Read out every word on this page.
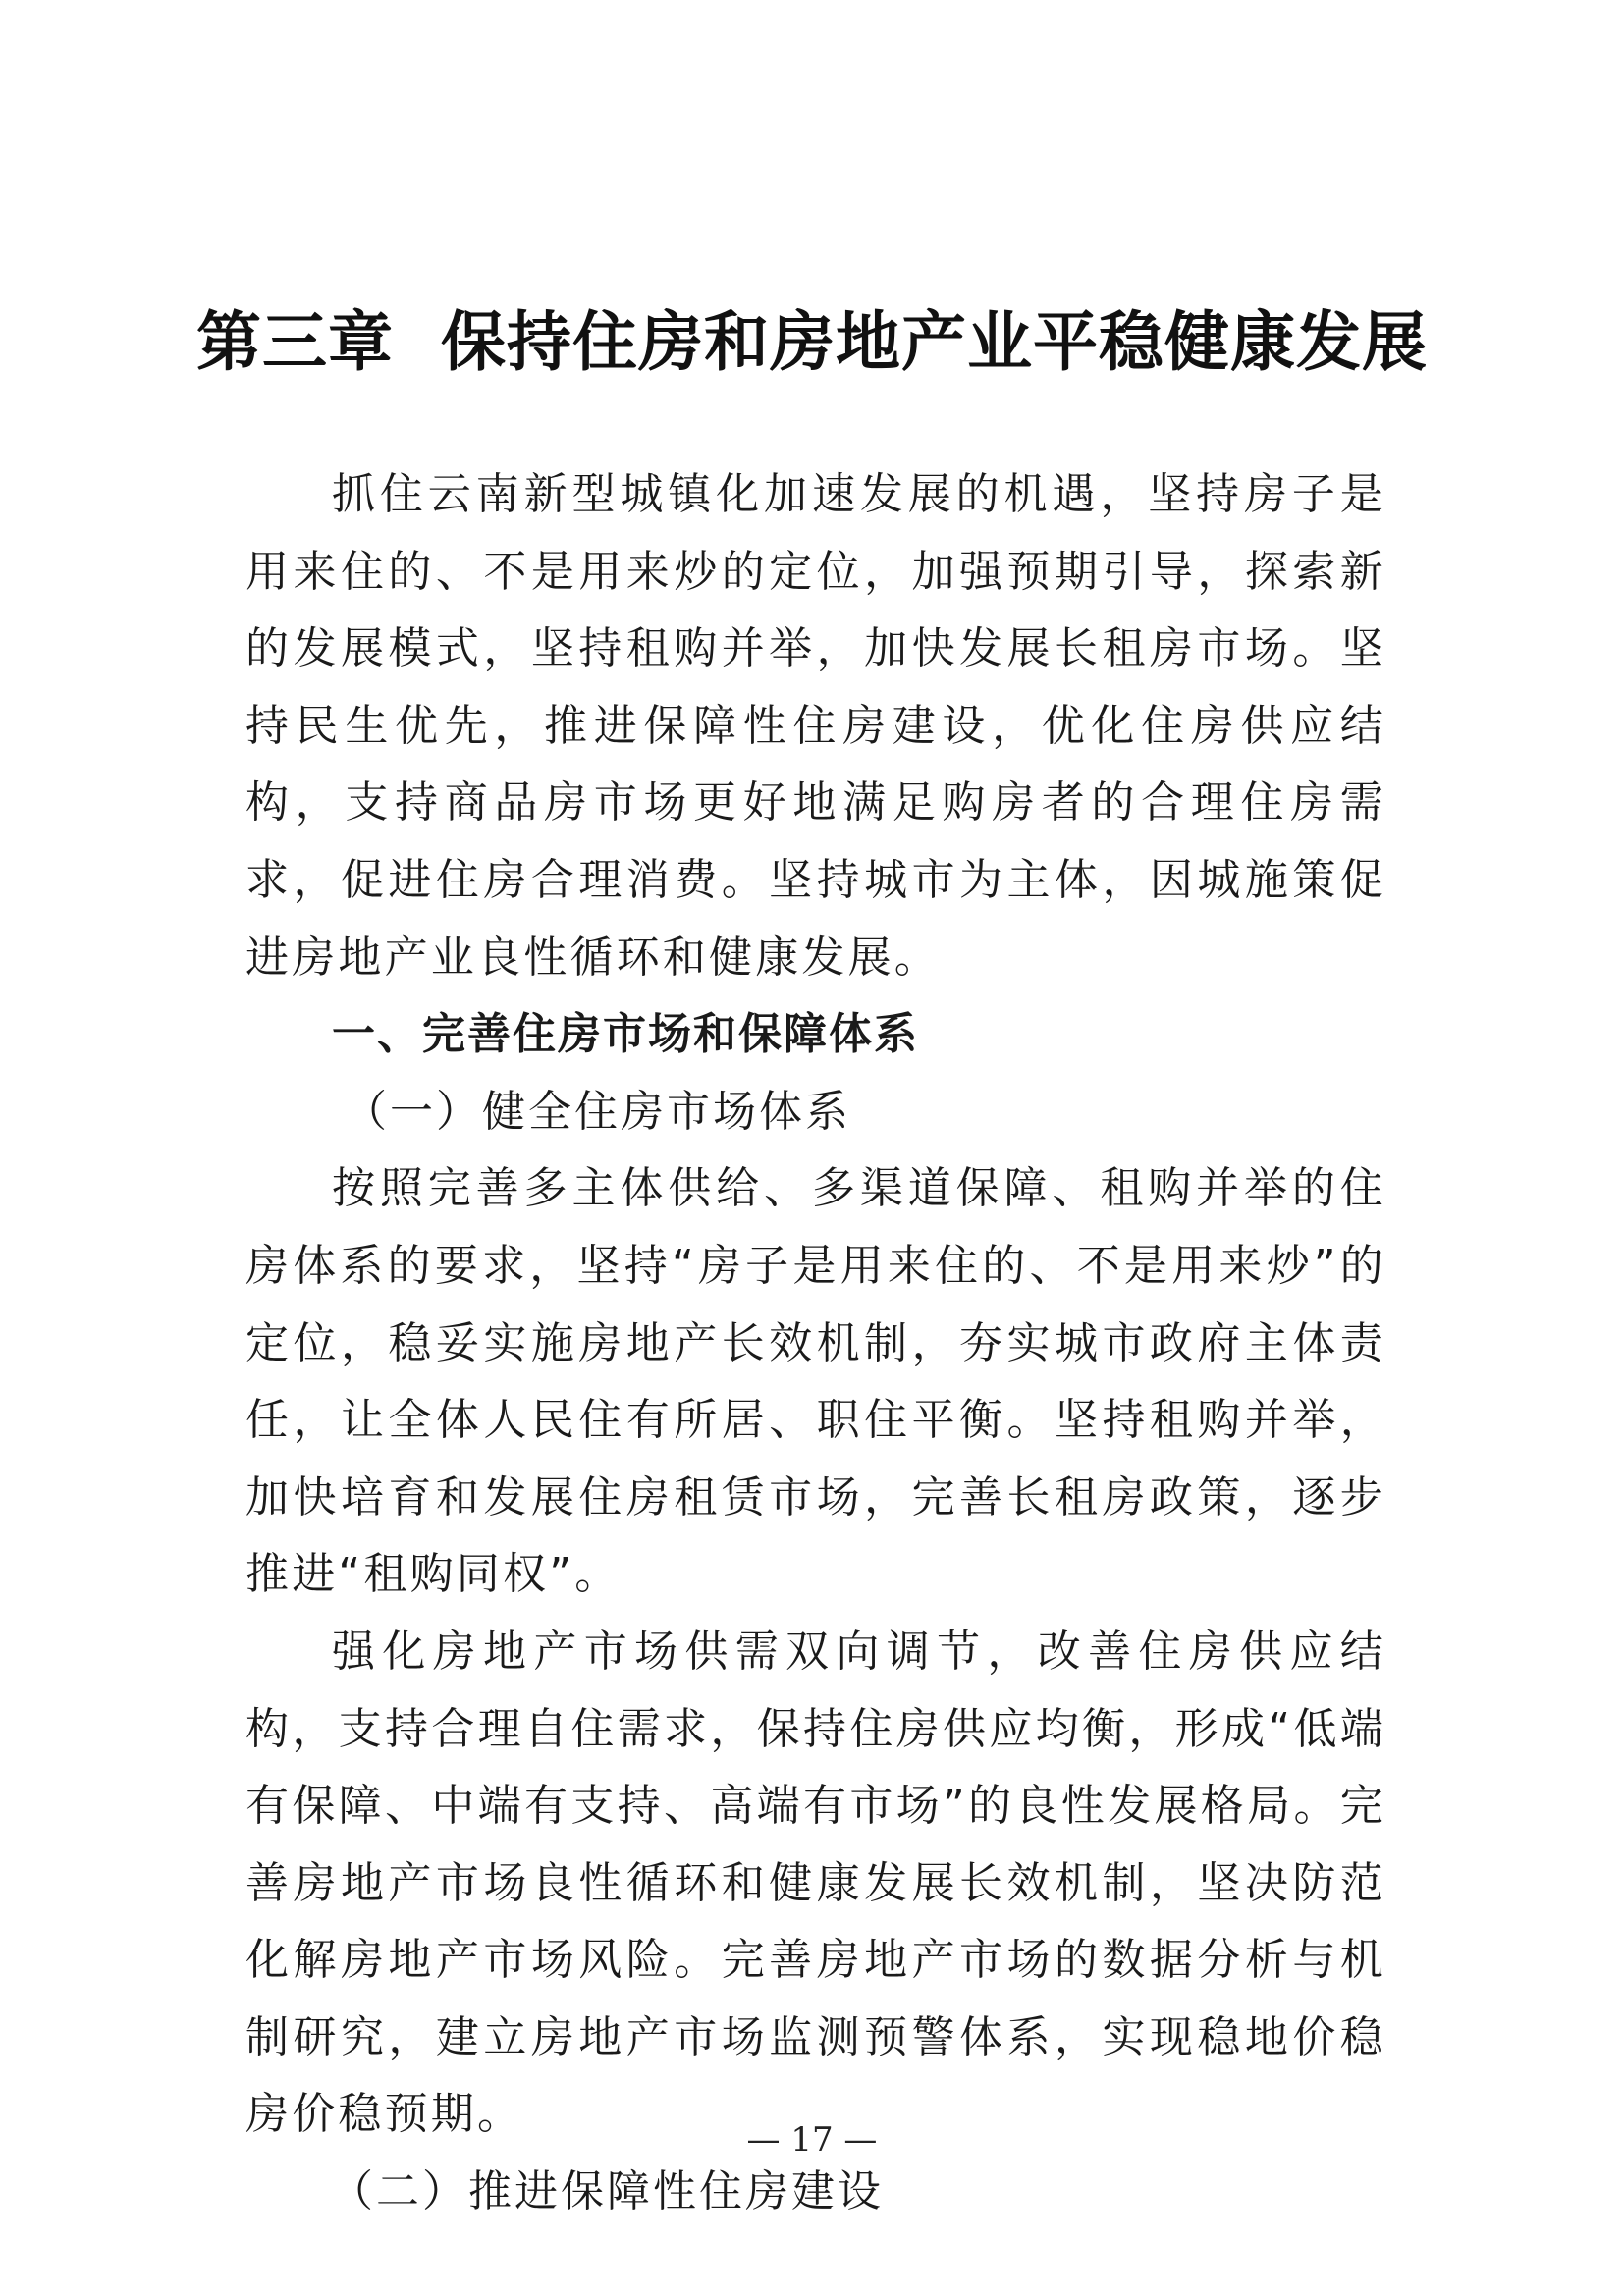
第三章  保持住房和房地产业平稳健康发展

抓住云南新型城镇化加速发展的机遇，坚持房子是用来住的、不是用来炒的定位，加强预期引导，探索新的发展模式，坚持租购并举，加快发展长租房市场。坚持民生优先，推进保障性住房建设，优化住房供应结构，支持商品房市场更好地满足购房者的合理住房需求，促进住房合理消费。坚持城市为主体，因城施策促进房地产业良性循环和健康发展。

一、完善住房市场和保障体系

（一）健全住房市场体系

按照完善多主体供给、多渠道保障、租购并举的住房体系的要求，坚持“房子是用来住的、不是用来炒”的定位，稳妥实施房地产长效机制，夯实城市政府主体责任，让全体人民住有所居、职住平衡。坚持租购并举，加快培育和发展住房租赁市场，完善长租房政策，逐步推进“租购同权”。

强化房地产市场供需双向调节，改善住房供应结构，支持合理自住需求，保持住房供应均衡，形成“低端有保障、中端有支持、高端有市场”的良性发展格局。完善房地产市场良性循环和健康发展长效机制，坚决防范化解房地产市场风险。完善房地产市场的数据分析与机制研究，建立房地产市场监测预警体系，实现稳地价稳房价稳预期。

（二）推进保障性住房建设

— 17 —
